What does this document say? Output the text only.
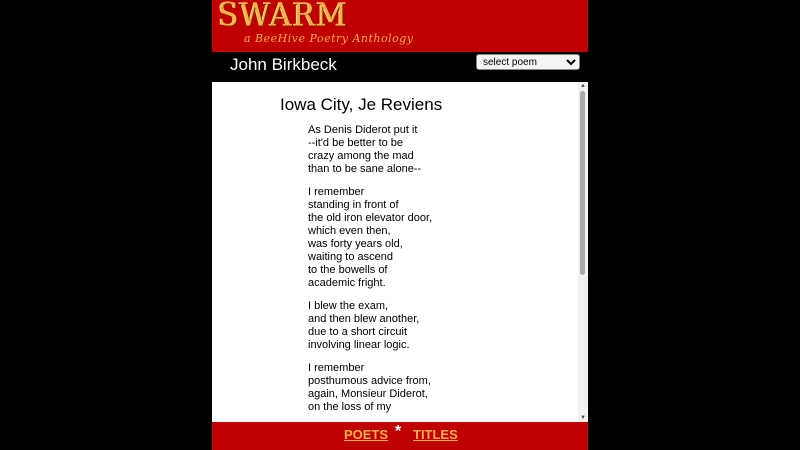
SWARM
a BeeHive Poetry Anthology
John Birkbeck
select poem
Iowa City, Je Reviens
As Denis Diderot put it
--it'd be better to be
crazy among the mad
than to be sane alone--
I remember
standing in front of
the old iron elevator door,
which even then,
was forty years old,
waiting to ascend
to the bowells of
academic fright.
I blew the exam,
and then blew another,
due to a short circuit
involving linear logic.
I remember
posthumous advice from,
again, Monsieur Diderot,
on the loss of my
▲
▼
POETS * TITLES
